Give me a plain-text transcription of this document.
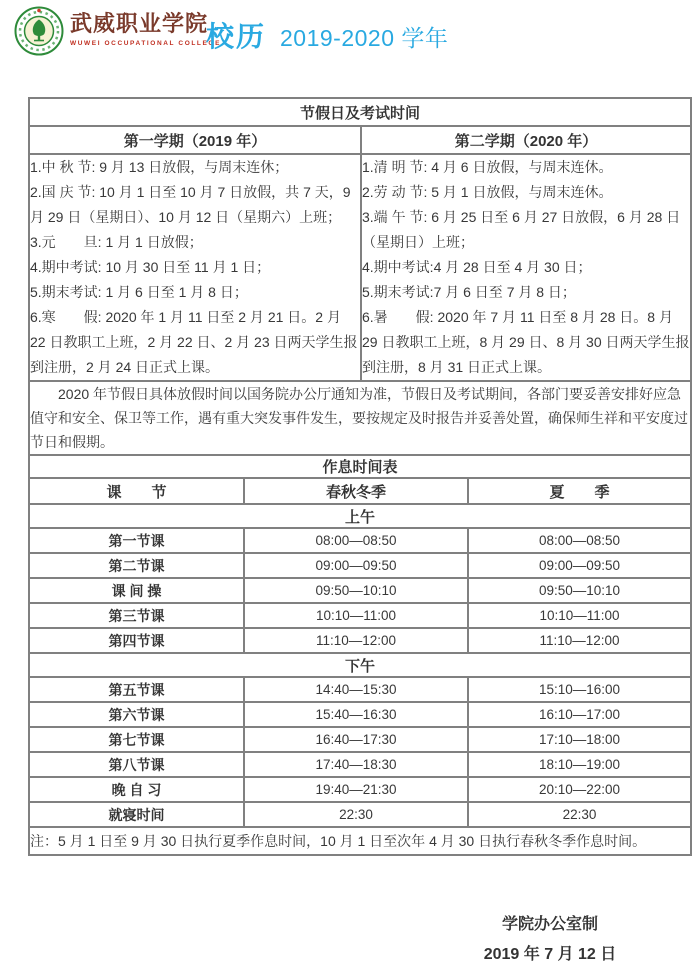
武威职业学院
WUWEI OCCUPATIONAL COLLEGE
校历 2019-2020 学年
节假日及考试时间	
第一学期（2019 年）	第二学期（2020 年）

1.中 秋 节: 9 月 13 日放假，与周末连休；
2.国 庆 节: 10 月 1 日至 10 月 7 日放假，共 7 天，9 月 29 日（星期日）、10 月 12 日（星期六）上班；
3.元　　旦: 1 月 1 日放假；
4.期中考试: 10 月 30 日至 11 月 1 日；
5.期末考试: 1 月 6 日至 1 月 8 日；
6.寒　　假: 2020 年 1 月 11 日至 2 月 21 日。2 月 22 日教职工上班，2 月 22 日、2 月 23 日两天学生报到注册，2 月 24 日正式上课。

1.清 明 节: 4 月 6 日放假，与周末连休。
2.劳 动 节: 5 月 1 日放假，与周末连休。
3.端 午 节: 6 月 25 日至 6 月 27 日放假，6 月 28 日（星期日）上班；
4.期中考试:4 月 28 日至 4 月 30 日；
5.期末考试:7 月 6 日至 7 月 8 日；
6.暑　　假: 2020 年 7 月 11 日至 8 月 28 日。8 月 29 日教职工上班，8 月 29 日、8 月 30 日两天学生报到注册，8 月 31 日正式上课。

2020 年节假日具体放假时间以国务院办公厅通知为准，节假日及考试期间，各部门要妥善安排好应急值守和安全、保卫等工作，遇有重大突发事件发生，要按规定及时报告并妥善处置，确保师生祥和平安度过节日和假期。	

作息时间表		
课　　节	春秋冬季	夏　　季
上午		
第一节课	08:00—08:50	08:00—08:50
第二节课	09:00—09:50	09:00—09:50
课 间 操	09:50—10:10	09:50—10:10
第三节课	10:10—11:00	10:10—11:00
第四节课	11:10—12:00	11:10—12:00
下午		
第五节课	14:40—15:30	15:10—16:00
第六节课	15:40—16:30	16:10—17:00
第七节课	16:40—17:30	17:10—18:00
第八节课	17:40—18:30	18:10—19:00
晚 自 习	19:40—21:30	20:10—22:00
就寝时间	22:30	22:30
注：5 月 1 日至 9 月 30 日执行夏季作息时间，10 月 1 日至次年 4 月 30 日执行春秋冬季作息时间。		
学院办公室制
2019 年 7 月 12 日
